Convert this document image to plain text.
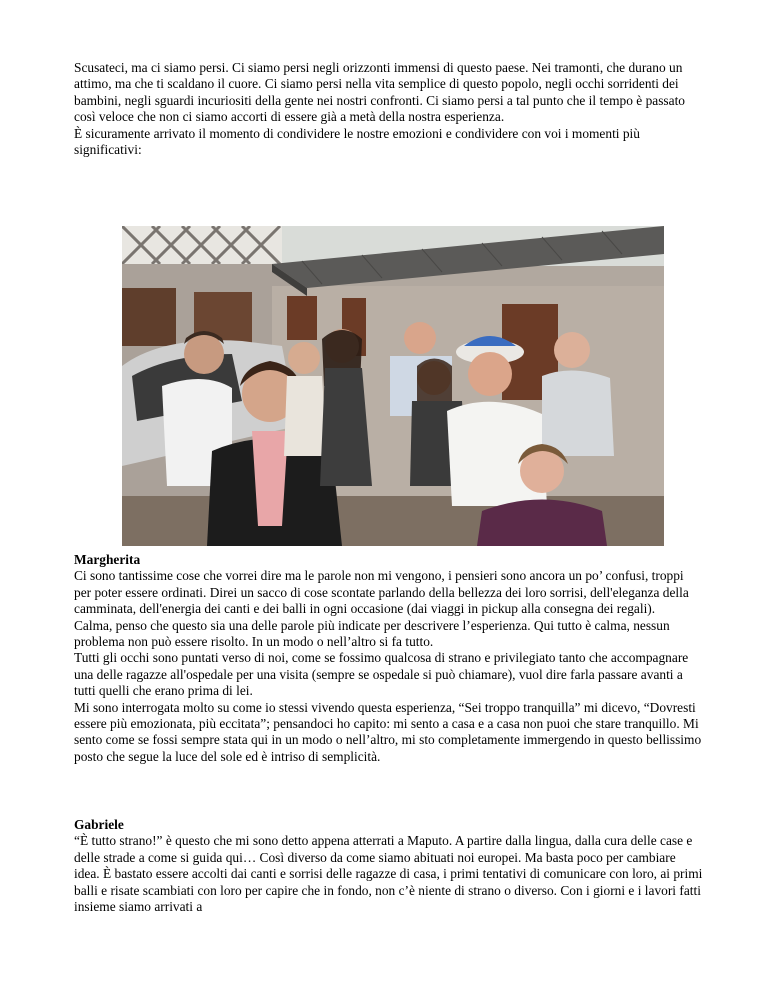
Scusateci, ma ci siamo persi. Ci siamo persi negli orizzonti immensi di questo paese. Nei tramonti, che durano un attimo, ma che ti scaldano il cuore. Ci siamo persi nella vita semplice di questo popolo, negli occhi sorridenti dei bambini, negli sguardi incuriositi della gente nei nostri confronti. Ci siamo persi a tal punto che il tempo è passato così veloce che non ci siamo accorti di essere già a metà della nostra esperienza.

È sicuramente arrivato il momento di condividere le nostre emozioni e condividere con voi i momenti più significativi:

Margherita

Ci sono tantissime cose che vorrei dire ma le parole non mi vengono, i pensieri sono ancora un po’ confusi, troppi per poter essere ordinati. Direi un sacco di cose scontate parlando della bellezza dei loro sorrisi, dell'eleganza della camminata, dell'energia dei canti e dei balli in ogni occasione (dai viaggi in pickup alla consegna dei regali).

Calma, penso che questo sia una delle parole più indicate per descrivere l’esperienza. Qui tutto è calma, nessun problema non può essere risolto. In un modo o nell’altro si fa tutto.

Tutti gli occhi sono puntati verso di noi, come se fossimo qualcosa di strano e privilegiato tanto che accompagnare una delle ragazze all'ospedale per una visita (sempre se ospedale si può chiamare), vuol dire farla passare avanti a tutti quelli che erano prima di lei.

Mi sono interrogata molto su come io stessi vivendo questa esperienza, “Sei troppo tranquilla” mi dicevo, “Dovresti essere più emozionata, più eccitata”; pensandoci ho capito: mi sento a casa e a casa non puoi che stare tranquillo. Mi sento come se fossi sempre stata qui in un modo o nell’altro, mi sto completamente immergendo in questo bellissimo posto che segue la luce del sole ed è intriso di semplicità.

Gabriele

“È tutto strano!” è questo che mi sono detto appena atterrati a Maputo. A partire dalla lingua, dalla cura delle case e delle strade a come si guida qui… Così diverso da come siamo abituati noi europei. Ma basta poco per cambiare idea. È bastato essere accolti dai canti e sorrisi delle ragazze di casa, i primi tentativi di comunicare con loro, ai primi balli e risate scambiati con loro per capire che in fondo, non c’è niente di strano o diverso. Con i giorni e i lavori fatti insieme siamo arrivati a
